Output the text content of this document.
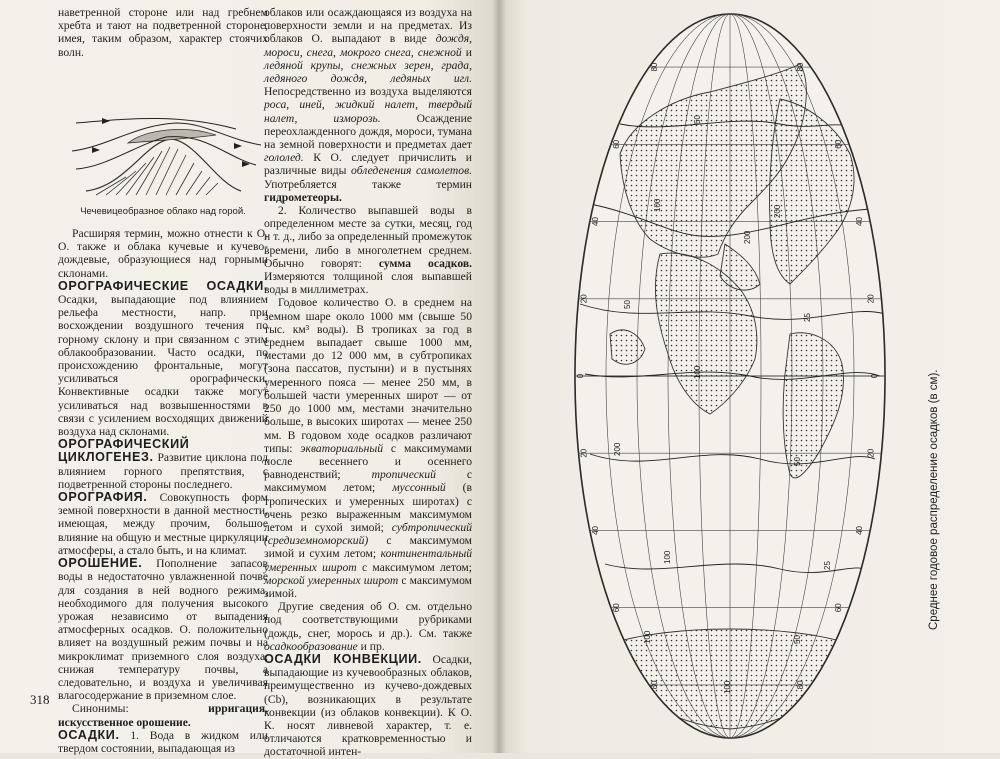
наветренной стороне или над гребнем хребта и тают на подветренной стороне, имея, таким образом, характер стоячих волн.

Чечевицеобразное облако над горой.

Расширяя термин, можно отнести к О. О. также и облака кучевые и кучево-дождевые, образующиеся над горными склонами.

ОРОГРАФИЧЕСКИЕ ОСАДКИ. Осадки, выпадающие под влиянием рельефа местности, напр. при восхождении воздушного течения по горному склону и при связанном с этим облакообразовании. Часто осадки, по происхождению фронтальные, могут усиливаться орографически. Конвективные осадки также могут усиливаться над возвышенностями в связи с усилением восходящих движений воздуха над склонами.

ОРОГРАФИЧЕСКИЙ ЦИКЛОГЕНЕЗ. Развитие циклона под влиянием горного препятствия, с подветренной стороны последнего.

ОРОГРАФИЯ. Совокупность форм земной поверхности в данной местности, имеющая, между прочим, большое влияние на общую и местные циркуляции атмосферы, а стало быть, и на климат.

ОРОШЕНИЕ. Пополнение запасов воды в недостаточно увлажненной почве для создания в ней водного режима, необходимого для получения высокого урожая независимо от выпадения атмосферных осадков. О. положительно влияет на воздушный режим почвы и на микроклимат приземного слоя воздуха, снижая температуру почвы, а следовательно, и воздуха и увеличивая влагосодержание в приземном слое.

Синонимы:	ирригация, искусственное орошение.

ОСАДКИ. 1. Вода в жидком или твердом состоянии, выпадающая из

облаков или осаждающаяся из воздуха на поверхности земли и на предметах. Из облаков О. выпадают в виде дождя, мороси, снега, мокрого снега, снежной и ледяной крупы, снежных зерен, града, ледяного дождя, ледяных игл. Непосредственно из воздуха выделяются роса, иней, жидкий налет, твердый налет, изморозь.	Осаждение переохлажденного дождя, мороси, тумана на земной поверхности и предметах дает гололед. К О. следует причислить и различные виды обледенения самолетов. Употребляется также термин гидрометеоры.

2. Количество выпавшей воды в определенном месте за сутки, месяц, год и т. д., либо за определенный промежуток времени, либо в многолетнем среднем. Обычно говорят: сумма осадков. Измеряются толщиной слоя выпавшей воды в миллиметрах.

Годовое количество О. в среднем на земном шаре около 1000 мм (свыше 50 тыс. км³ воды). В тропиках за год в среднем выпадает свыше 1000 мм, местами до 12 000 мм, в субтропиках (зона пассатов, пустыни) и в пустынях умеренного пояса — менее 250 мм, в большей части умеренных широт — от 250 до 1000 мм, местами значительно больше, в высоких широтах — менее 250 мм. В годовом ходе осадков различают типы: экваториальный с максимумами после весеннего и осеннего равноденствий;	тропический	с максимумом летом; муссонный (в тропических и умеренных широтах) с очень резко выраженным максимумом летом и сухой зимой; субтропический (средиземноморский) с максимумом зимой и сухим летом; континентальный умеренных широт с максимумом летом; морской умеренных широт с максимумом зимой.

Другие сведения об О. см. отдельно под соответствующими рубриками (дождь, снег, морось и др.). См. также осадкообразование и пр.

ОСАДКИ КОНВЕКЦИИ. Осадки, выпадающие из кучевообразных облаков, преимущественно из кучево-дождевых (Cb), возникающих в результате конвекции (из облаков конвекции). К О. К. носят ливневой характер, т. е. отличаются кратковременностью и достаточной интен-

318
100	200
50
25
100
200
50
100
25
50
200
100	50
100
80
60
40
20
0
20
40
60
80
80
60
40
20
0
20
40
60
80
Среднее годовое распределение осадков (в см).
